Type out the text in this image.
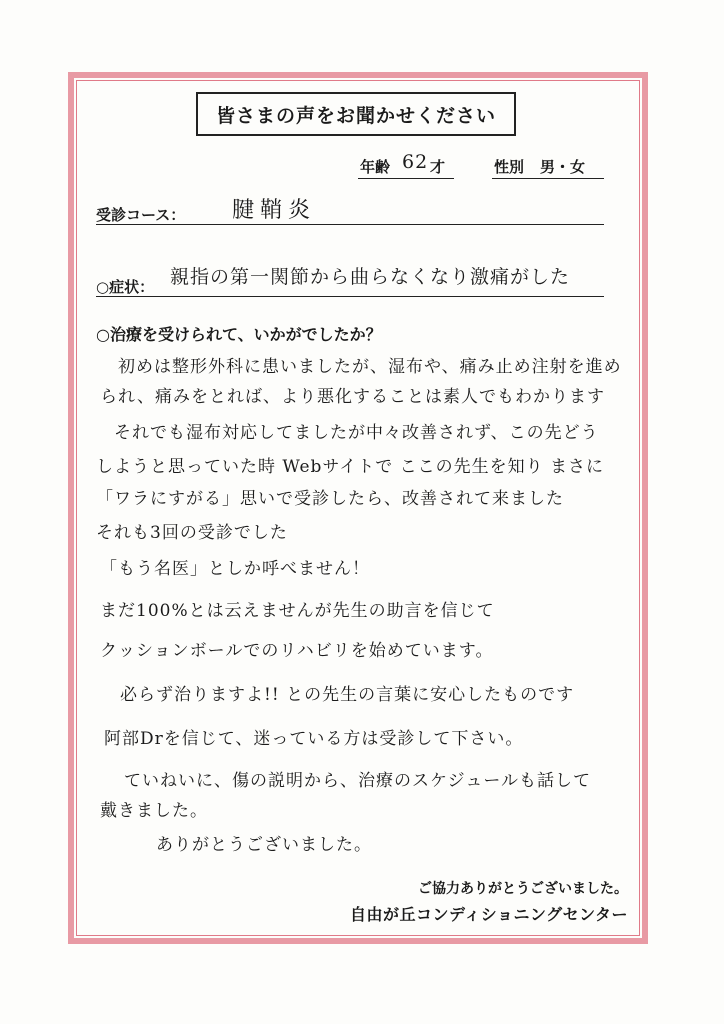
皆さまの声をお聞かせください
年齢 62 才	性別 男・女
受診コース： 腱鞘炎
○症状： 親指の第一関節から曲らなくなり激痛がした
○治療を受けられて、いかがでしたか？
初めは整形外科に患いましたが、湿布や、痛み止め注射を進め
られ、痛みをとれば、より悪化することは素人でもわかります
それでも湿布対応してましたが中々改善されず、この先どう
しようと思っていた時 Webサイトで ここの先生を知り まさに
「ワラにすがる」思いで受診したら、改善されて来ました
それも3回の受診でした
「もう名医」としか呼べません！
まだ100%とは云えませんが先生の助言を信じて
クッションボールでのリハビリを始めています。
必らず治りますよ!! との先生の言葉に安心したものです
阿部Drを信じて、迷っている方は受診して下さい。
ていねいに、傷の説明から、治療のスケジュールも話して
戴きました。
ありがとうございました。
ご協力ありがとうございました。
自由が丘コンディショニングセンター
